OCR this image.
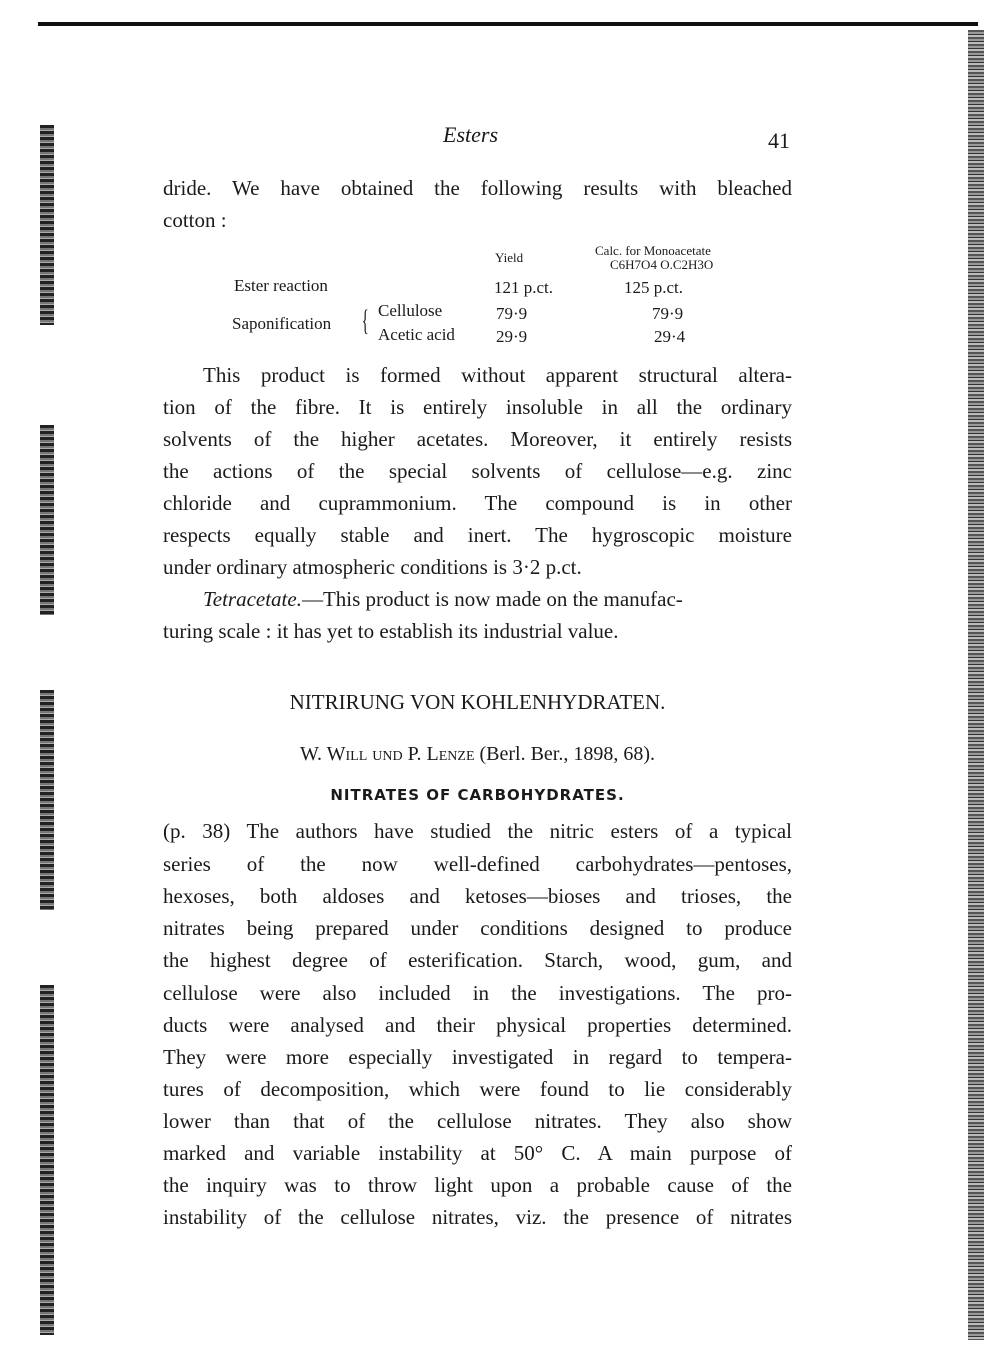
Esters	41
dride. We have obtained the following results with bleached
cotton :
Yield	Calc. for Monoacetate
C6H7O4 O.C2H3O
Ester reaction	121 p.ct.	125 p.ct.
Saponification { Cellulose	79·9	79·9
Acetic acid 29·9	29·4
This product is formed without apparent structural altera-
tion of the fibre. It is entirely insoluble in all the ordinary
solvents of the higher acetates. Moreover, it entirely resists
the actions of the special solvents of cellulose—e.g. zinc
chloride and cuprammonium. The compound is in other
respects equally stable and inert. The hygroscopic moisture
under ordinary atmospheric conditions is 3·2 p.ct.
Tetracetate.—This product is now made on the manufac-
turing scale : it has yet to establish its industrial value.
NITRIRUNG VON KOHLENHYDRATEN.
W. Will und P. Lenze (Berl. Ber., 1898, 68).
NITRATES OF CARBOHYDRATES.
(p. 38) The authors have studied the nitric esters of a typical
series of the now well-defined carbohydrates—pentoses,
hexoses, both aldoses and ketoses—bioses and trioses, the
nitrates being prepared under conditions designed to produce
the highest degree of esterification. Starch, wood, gum, and
cellulose were also included in the investigations. The pro-
ducts were analysed and their physical properties determined.
They were more especially investigated in regard to tempera-
tures of decomposition, which were found to lie considerably
lower than that of the cellulose nitrates. They also show
marked and variable instability at 50° C. A main purpose of
the inquiry was to throw light upon a probable cause of the
instability of the cellulose nitrates, viz. the presence of nitrates
